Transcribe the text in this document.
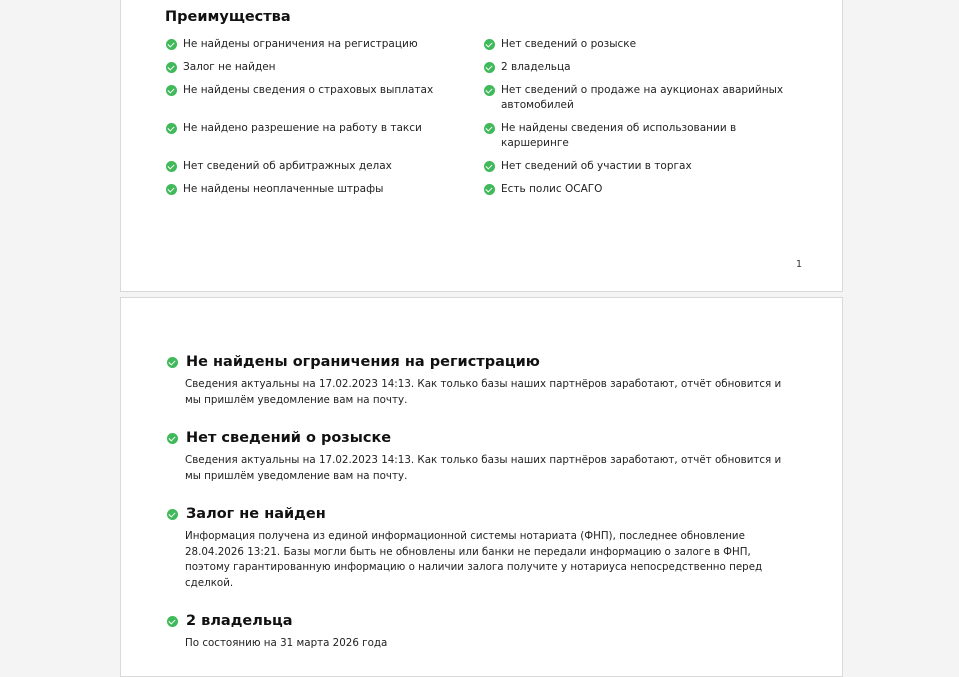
Преимущества
Не найдены ограничения на регистрацию
Залог не найден
Не найдены сведения о страховых выплатах
Не найдено разрешение на работу в такси
Нет сведений об арбитражных делах
Не найдены неоплаченные штрафы
Нет сведений о розыске
2 владельца
Нет сведений о продаже на аукционах аварийных автомобилей
Не найдены сведения об использовании в каршеринге
Нет сведений об участии в торгах
Есть полис ОСАГО
1
Не найдены ограничения на регистрацию

Сведения актуальны на 17.02.2023 14:13. Как только базы наших партнёров заработают, отчёт обновится и мы пришлём уведомление вам на почту.

Нет сведений о розыске

Сведения актуальны на 17.02.2023 14:13. Как только базы наших партнёров заработают, отчёт обновится и мы пришлём уведомление вам на почту.

Залог не найден

Информация получена из единой информационной системы нотариата (ФНП), последнее обновление 28.04.2026 13:21. Базы могли быть не обновлены или банки не передали информацию о залоге в ФНП, поэтому гарантированную информацию о наличии залога получите у нотариуса непосредственно перед сделкой.

2 владельца

По состоянию на 31 марта 2026 года
